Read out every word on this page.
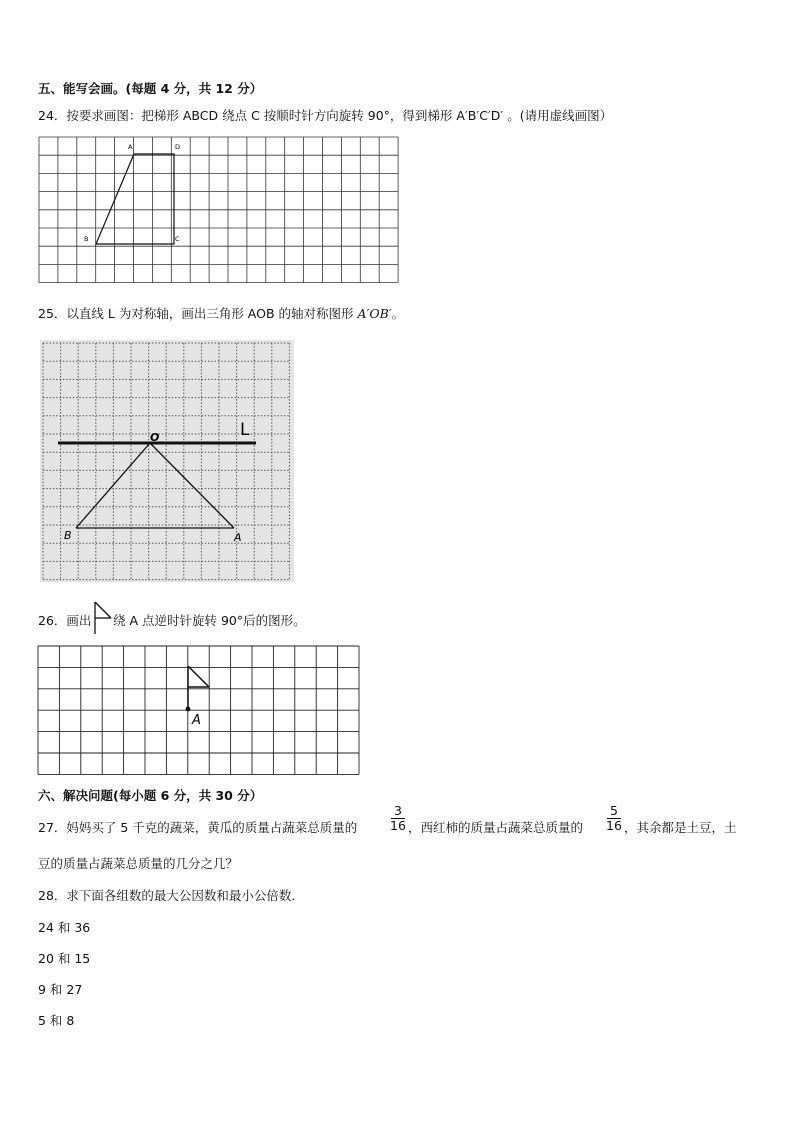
五、能写会画。(每题 4 分，共 12 分）
24．按要求画图：把梯形 ABCD 绕点 C 按顺时针方向旋转 90°，得到梯形 A′B′C′D′ 。(请用虚线画图）
A	D
B	C
25．以直线 L 为对称轴，画出三角形 AOB 的轴对称图形 A′OB′。
L
O
B	A
26．画出 绕 A 点逆时针旋转 90°后的图形。
A
六、解决问题(每小题 6 分，共 30 分）
27．妈妈买了 5 千克的蔬菜，黄瓜的质量占蔬菜总质量的
3
16 ，西红柿的质量占蔬菜总质量的
5
16 ，其余都是土豆，土
豆的质量占蔬菜总质量的几分之几？
28．求下面各组数的最大公因数和最小公倍数．
24 和 36
20 和 15
9 和 27
5 和 8
